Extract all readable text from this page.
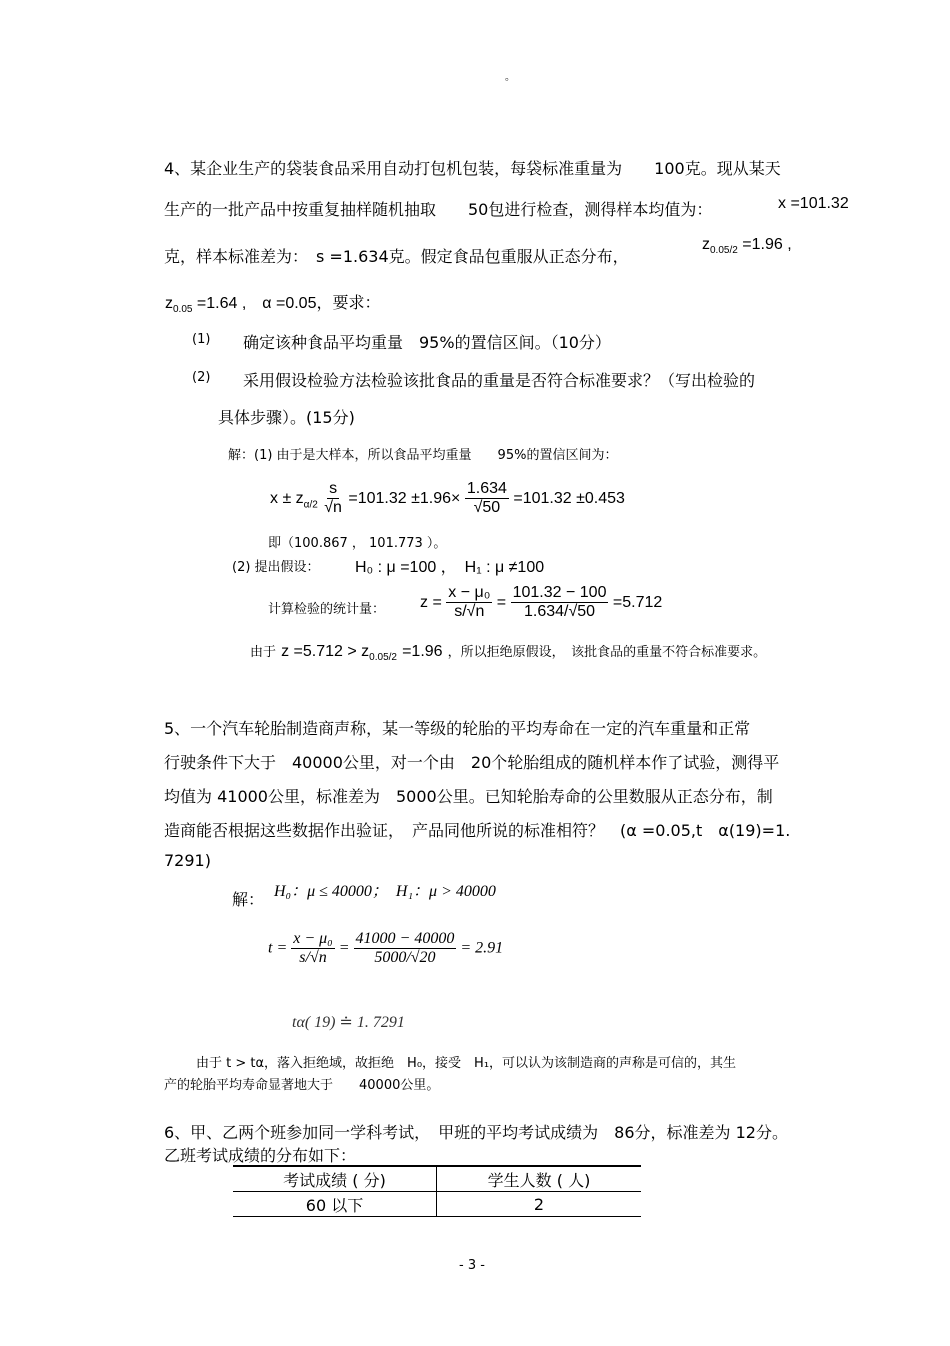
。
4、某企业生产的袋装食品采用自动打包机包装，每袋标准重量为　　100克。现从某天
生产的一批产品中按重复抽样随机抽取　　50包进行检查，测得样本均值为：	x =101.32
克，样本标准差为：　s =1.634克。假定食品包重服从正态分布，
$z_{0.05/2} =1.96$ ,
$z_{0.05} =1.64$ ,　α =0.05，要求：
(1) 确定该种食品平均重量　95%的置信区间。（10分）
(2) 采用假设检验方法检验该批食品的重量是否符合标准要求？（写出检验的
具体步骤）。(15分)
解：(1) 由于是大样本，所以食品平均重量　　95%的置信区间为：
$x \pm z_{\alpha/2} \frac{s}{√n} =101.32 \pm 1.96\times \frac{1.634}{√50} =101.32 \pm 0.453$
即（100.867 ， 101.773 ）。
(2) 提出假设： H₀ : μ =100 ，　H₁ : μ ≠100
计算检验的统计量： $z = \frac{\text{x − μ₀}}{s/√n} = \frac{101.32 - 100}{1.634/√50} =5.712$
由于 $z =5.712 > z_{0.05/2} =1.96$ ，所以拒绝原假设，　该批食品的重量不符合标准要求。
5、一个汽车轮胎制造商声称，某一等级的轮胎的平均寿命在一定的汽车重量和正常
行驶条件下大于　40000公里，对一个由　20个轮胎组成的随机样本作了试验，测得平
均值为 41000公里，标准差为　5000公里。已知轮胎寿命的公里数服从正态分布，制
造商能否根据这些数据作出验证，　产品同他所说的标准相符？　(α =0.05,t　α(19)=1.
7291)
解： H₀：μ ≤ 40000；　H₁：μ > 40000
$t = \frac{\text{x − μ₀}}{s/√n} = \frac{41000 - 40000}{5000/√20} = 2.91$
tα( 19) ≐ 1. 7291
由于 t > tα，落入拒绝域，故拒绝　H₀，接受　H₁，可以认为该制造商的声称是可信的，其生
产的轮胎平均寿命显著地大于　　40000公里。
6、甲、乙两个班参加同一学科考试，　甲班的平均考试成绩为　86分，标准差为 12分。
乙班考试成绩的分布如下：
考试成绩 ( 分)	学生人数 ( 人)
60 以下	2
- 3 -
